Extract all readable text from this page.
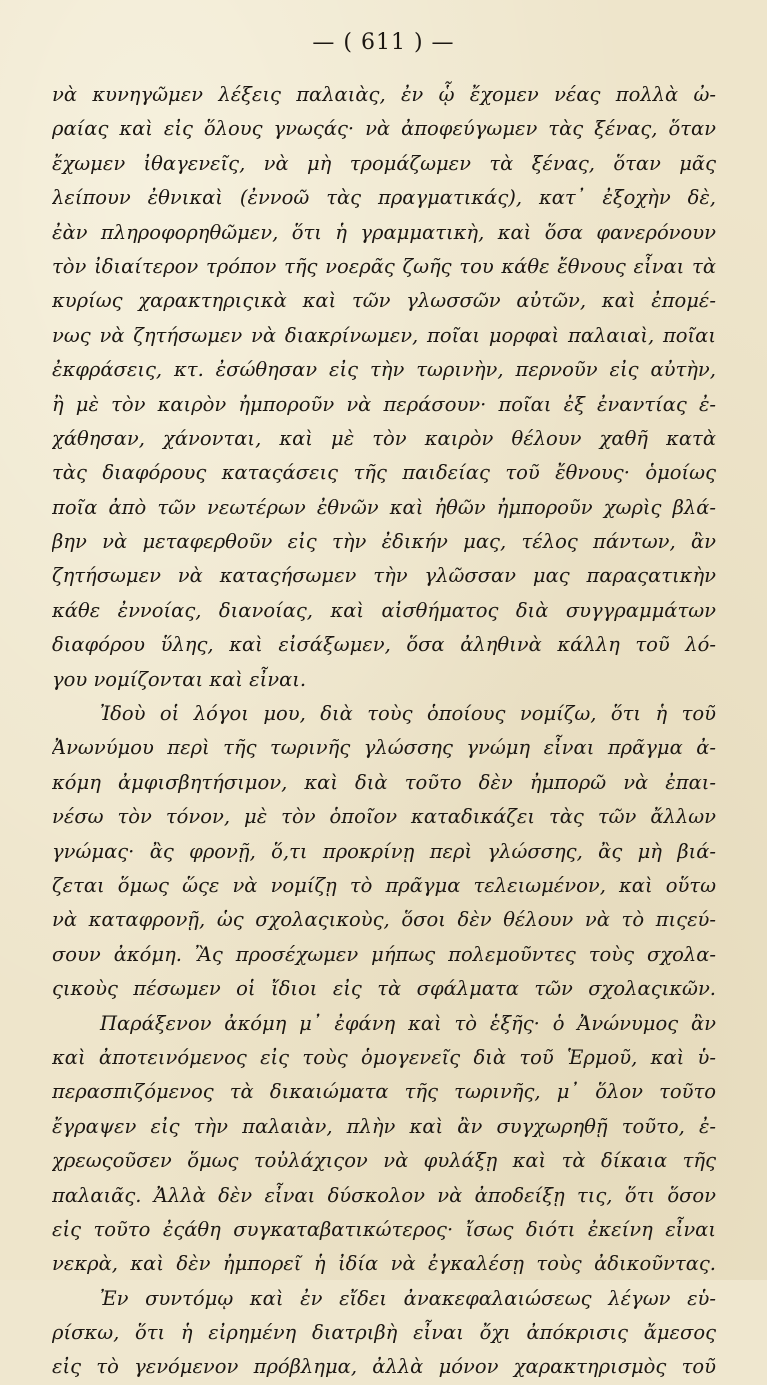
— ( 611 ) —
νὰ κυνηγῶμεν λέξεις παλαιὰς, ἐν ᾧ ἔχομεν νέας πολλὰ ὠ-
ραίας καὶ εἰς ὅλους γνωςάς· νὰ ἀποφεύγωμεν τὰς ξένας, ὅταν
ἔχωμεν ἰθαγενεῖς, νὰ μὴ τρομάζωμεν τὰ ξένας, ὅταν μᾶς
λείπουν ἐθνικαὶ (ἐννοῶ τὰς πραγματικάς), κατ᾽ ἐξοχὴν δὲ,
ἐὰν πληροφορηθῶμεν, ὅτι ἡ γραμματικὴ, καὶ ὅσα φανερόνουν
τὸν ἰδιαίτερον τρόπον τῆς νοερᾶς ζωῆς του κάθε ἔθνους εἶναι τὰ
κυρίως χαρακτηριςικὰ καὶ τῶν γλωσσῶν αὐτῶν, καὶ ἐπομέ-
νως νὰ ζητήσωμεν νὰ διακρίνωμεν, ποῖαι μορφαὶ παλαιαὶ, ποῖαι
ἐκφράσεις, κτ. ἐσώθησαν εἰς τὴν τωρινὴν, περνοῦν εἰς αὐτὴν,
ἢ μὲ τὸν καιρὸν ἠμποροῦν νὰ περάσουν· ποῖαι ἐξ ἐναντίας ἐ-
χάθησαν, χάνονται, καὶ μὲ τὸν καιρὸν θέλουν χαθῆ κατὰ
τὰς διαφόρους καταςάσεις τῆς παιδείας τοῦ ἔθνους· ὁμοίως
ποῖα ἀπὸ τῶν νεωτέρων ἐθνῶν καὶ ἠθῶν ἠμποροῦν χωρὶς βλά-
βην νὰ μεταφερθοῦν εἰς τὴν ἐδικήν μας, τέλος πάντων, ἂν
ζητήσωμεν νὰ καταςήσωμεν τὴν γλῶσσαν μας παραςατικὴν
κάθε ἐννοίας, διανοίας, καὶ αἰσθήματος διὰ συγγραμμάτων
διαφόρου ὕλης, καὶ εἰσάξωμεν, ὅσα ἀληθινὰ κάλλη τοῦ λό-
γου νομίζονται καὶ εἶναι.
Ἰδοὺ οἱ λόγοι μου, διὰ τοὺς ὁποίους νομίζω, ὅτι ἡ τοῦ
Ἀνωνύμου περὶ τῆς τωρινῆς γλώσσης γνώμη εἶναι πρᾶγμα ἀ-
κόμη ἀμφισβητήσιμον, καὶ διὰ τοῦτο δὲν ἠμπορῶ νὰ ἐπαι-
νέσω τὸν τόνον, μὲ τὸν ὁποῖον καταδικάζει τὰς τῶν ἄλλων
γνώμας· ἂς φρονῇ, ὅ,τι προκρίνῃ περὶ γλώσσης, ἂς μὴ βιά-
ζεται ὅμως ὥςε νὰ νομίζῃ τὸ πρᾶγμα τελειωμένον, καὶ οὕτω
νὰ καταφρονῇ, ὡς σχολαςικοὺς, ὅσοι δὲν θέλουν νὰ τὸ πιςεύ-
σουν ἀκόμη. Ἂς προσέχωμεν μήπως πολεμοῦντες τοὺς σχολα-
ςικοὺς πέσωμεν οἱ ἴδιοι εἰς τὰ σφάλματα τῶν σχολαςικῶν.
Παράξενον ἀκόμη μ᾽ ἐφάνη καὶ τὸ ἑξῆς· ὁ Ἀνώνυμος ἂν
καὶ ἀποτεινόμενος εἰς τοὺς ὁμογενεῖς διὰ τοῦ Ἑρμοῦ, καὶ ὑ-
περασπιζόμενος τὰ δικαιώματα τῆς τωρινῆς, μ᾽ ὅλον τοῦτο
ἔγραψεν εἰς τὴν παλαιὰν, πλὴν καὶ ἂν συγχωρηθῇ τοῦτο, ἐ-
χρεωςοῦσεν ὅμως τοὐλάχιςον νὰ φυλάξῃ καὶ τὰ δίκαια τῆς
παλαιᾶς. Ἀλλὰ δὲν εἶναι δύσκολον νὰ ἀποδείξῃ τις, ὅτι ὅσον
εἰς τοῦτο ἐςάθη συγκαταβατικώτερος· ἴσως διότι ἐκείνη εἶναι
νεκρὰ, καὶ δὲν ἠμπορεῖ ἡ ἰδία νὰ ἐγκαλέσῃ τοὺς ἀδικοῦντας.
Ἐν συντόμῳ καὶ ἐν εἴδει ἀνακεφαλαιώσεως λέγων εὑ-
ρίσκω, ὅτι ἡ εἰρημένη διατριβὴ εἶναι ὄχι ἀπόκρισις ἄμεσος
εἰς τὸ γενόμενον πρόβλημα, ἀλλὰ μόνον χαρακτηρισμὸς τοῦ
